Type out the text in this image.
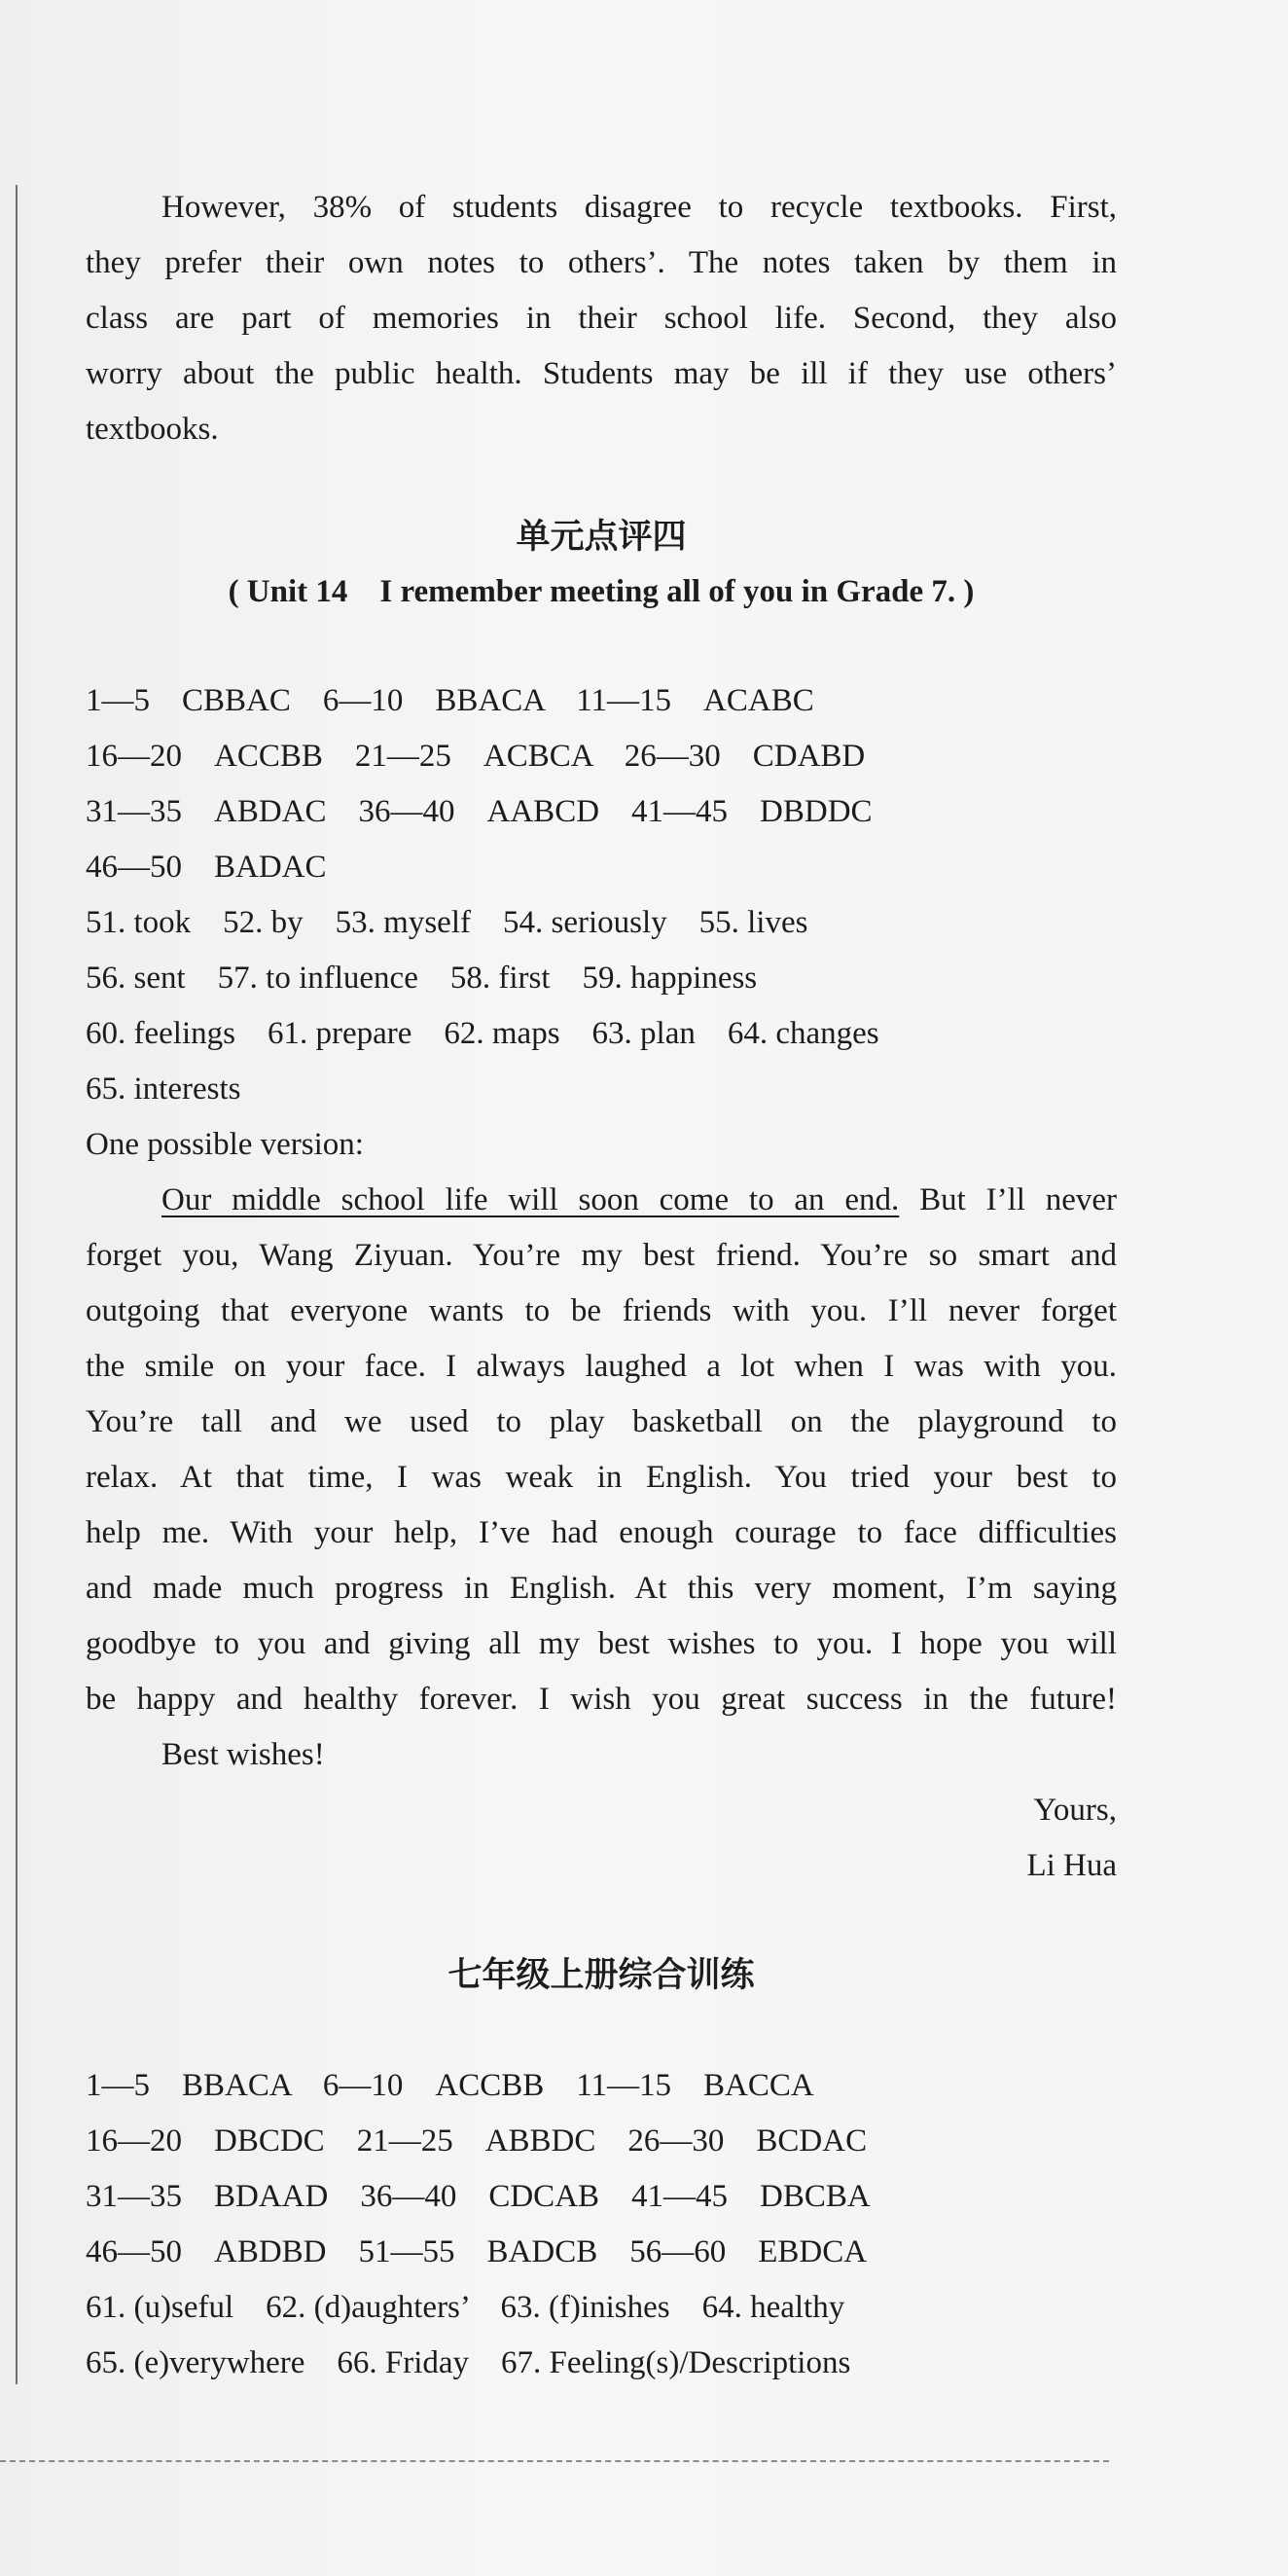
However, 38% of students disagree to recycle textbooks. First,
they prefer their own notes to others’. The notes taken by them in
class are part of memories in their school life. Second, they also
worry about the public health. Students may be ill if they use others’
textbooks.
单元点评四
( Unit 14　I remember meeting all of you in Grade 7. )
1—5　CBBAC　6—10　BBACA　11—15　ACABC
16—20　ACCBB　21—25　ACBCA　26—30　CDABD
31—35　ABDAC　36—40　AABCD　41—45　DBDDC
46—50　BADAC
51. took　52. by　53. myself　54. seriously　55. lives
56. sent　57. to influence　58. first　59. happiness
60. feelings　61. prepare　62. maps　63. plan　64. changes
65. interests
One possible version:
Our middle school life will soon come to an end. But I’ll never
forget you, Wang Ziyuan. You’re my best friend. You’re so smart and
outgoing that everyone wants to be friends with you. I’ll never forget
the smile on your face. I always laughed a lot when I was with you.
You’re tall and we used to play basketball on the playground to
relax. At that time, I was weak in English. You tried your best to
help me. With your help, I’ve had enough courage to face difficulties
and made much progress in English. At this very moment, I’m saying
goodbye to you and giving all my best wishes to you. I hope you will
be happy and healthy forever. I wish you great success in the future!
Best wishes!
Yours,
Li Hua
七年级上册综合训练
1—5　BBACA　6—10　ACCBB　11—15　BACCA
16—20　DBCDC　21—25　ABBDC　26—30　BCDAC
31—35　BDAAD　36—40　CDCAB　41—45　DBCBA
46—50　ABDBD　51—55　BADCB　56—60　EBDCA
61. (u)seful　62. (d)aughters’　63. (f)inishes　64. healthy
65. (e)verywhere　66. Friday　67. Feeling(s)/Descriptions
